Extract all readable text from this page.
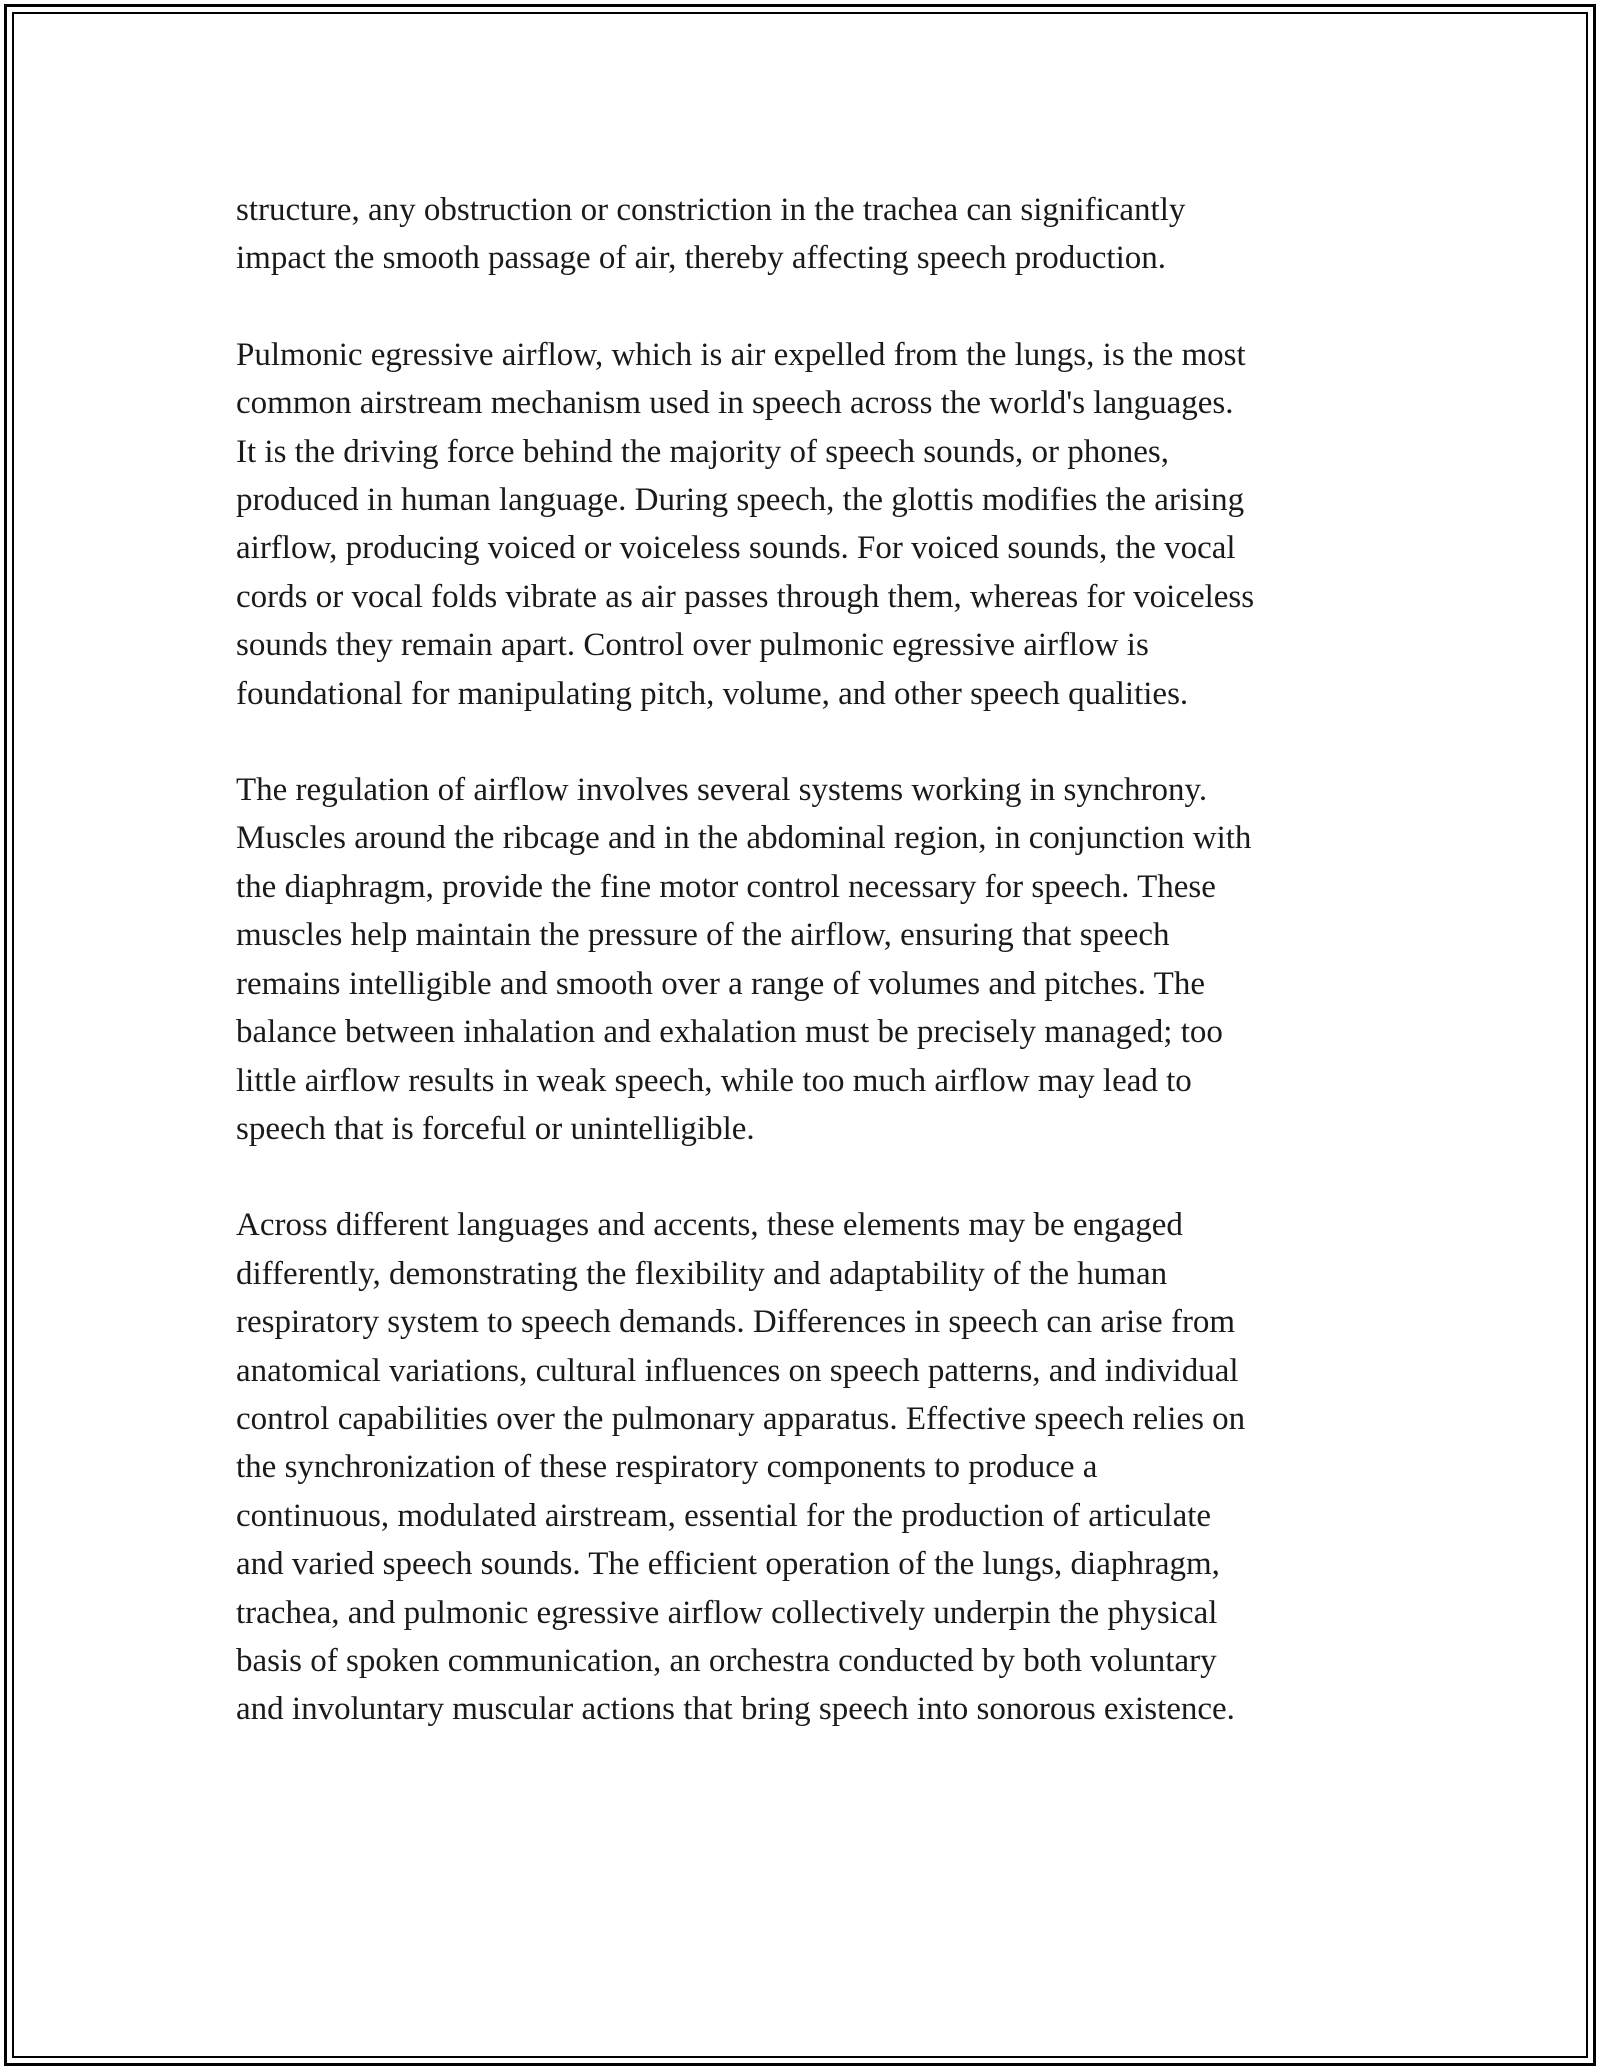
structure, any obstruction or constriction in the trachea can significantly
impact the smooth passage of air, thereby affecting speech production.

Pulmonic egressive airflow, which is air expelled from the lungs, is the most
common airstream mechanism used in speech across the world's languages.
It is the driving force behind the majority of speech sounds, or phones,
produced in human language. During speech, the glottis modifies the arising
airflow, producing voiced or voiceless sounds. For voiced sounds, the vocal
cords or vocal folds vibrate as air passes through them, whereas for voiceless
sounds they remain apart. Control over pulmonic egressive airflow is
foundational for manipulating pitch, volume, and other speech qualities.

The regulation of airflow involves several systems working in synchrony.
Muscles around the ribcage and in the abdominal region, in conjunction with
the diaphragm, provide the fine motor control necessary for speech. These
muscles help maintain the pressure of the airflow, ensuring that speech
remains intelligible and smooth over a range of volumes and pitches. The
balance between inhalation and exhalation must be precisely managed; too
little airflow results in weak speech, while too much airflow may lead to
speech that is forceful or unintelligible.

Across different languages and accents, these elements may be engaged
differently, demonstrating the flexibility and adaptability of the human
respiratory system to speech demands. Differences in speech can arise from
anatomical variations, cultural influences on speech patterns, and individual
control capabilities over the pulmonary apparatus. Effective speech relies on
the synchronization of these respiratory components to produce a
continuous, modulated airstream, essential for the production of articulate
and varied speech sounds. The efficient operation of the lungs, diaphragm,
trachea, and pulmonic egressive airflow collectively underpin the physical
basis of spoken communication, an orchestra conducted by both voluntary
and involuntary muscular actions that bring speech into sonorous existence.
